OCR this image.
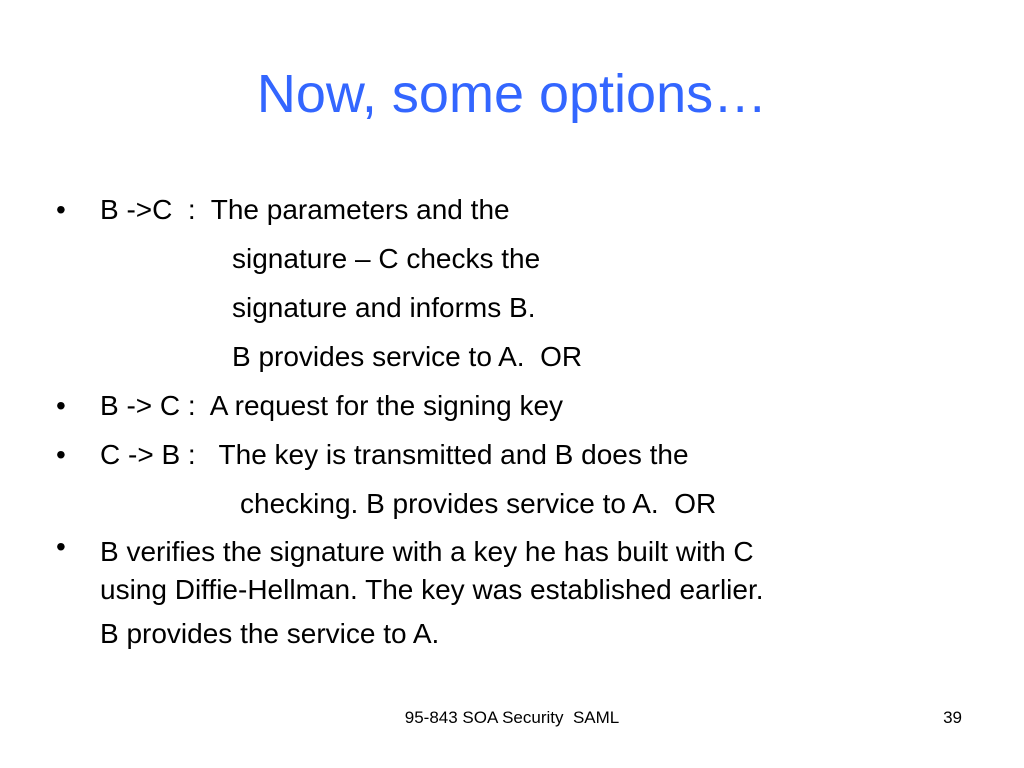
Now, some options…
• B ->C  :  The parameters and the
signature – C checks the
signature and informs B.
B provides service to A.  OR
• B -> C :  A request for the signing key
• C -> B :   The key is transmitted and B does the
checking. B provides service to A.  OR
• B verifies the signature with a key he has built with C
using Diffie-Hellman. The key was established earlier.
B provides the service to A.
95-843 SOA Security  SAML	39
